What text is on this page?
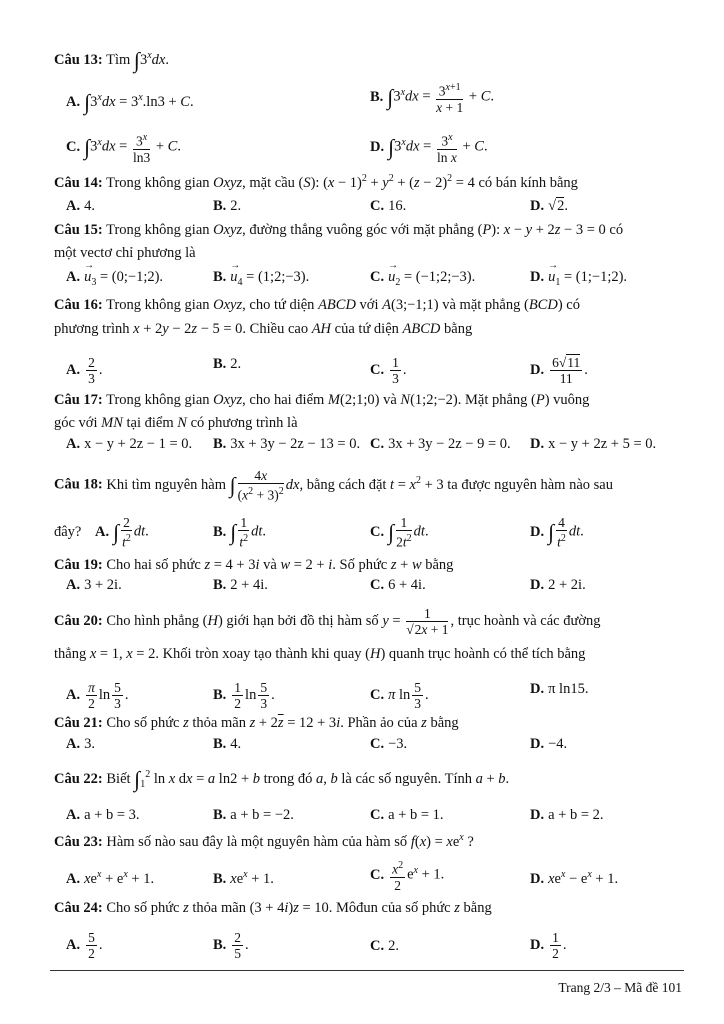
Câu 13: Tìm ∫3$^x$dx.
A. $\int 3^xdx = 3^x.\ln 3 + C$.	B. $\int 3^xdx = \frac{3^{x+1}}{x + 1} + C$.
C. $\int 3^xdx = \frac{3^x}{\ln 3} + C$.	D. $\int 3^xdx = \frac{3^x}{\text{ln x}} + C$.
Câu 14: Trong không gian Oxyz, mặt cầu (S): $(x - 1)^2 + y^2 + (z - 2)^2 = 4$ có bán kính bằng
A. 4.	B. 2.	C. 16.	D. √2.
Câu 15: Trong không gian Oxyz, đường thẳng vuông góc với mặt phẳng (P): x − y + 2z − 3 = 0 có
một vectơ chỉ phương là
A. → $u_3$ = (0;−1;2).	B. → $u_4$ = (1;2;−3).	C. → $u_2$ = (−1;2;−3).	D. → $u_1$ = (1;−1;2).
Câu 16: Trong không gian Oxyz, cho tứ diện ABCD với A(3;−1;1) và mặt phẳng (BCD) có
phương trình x + 2y − 2z − 5 = 0. Chiều cao AH của tứ diện ABCD bằng
A. $\frac{2}{3}$ .	B. 2.	C. $\frac{1}{3}$ .	D. $\frac{6√11}{11}$ .
Câu 17: Trong không gian Oxyz, cho hai điểm M(2;1;0) và N(1;2;−2). Mặt phẳng (P) vuông
góc với MN tại điểm N có phương trình là
A. x − y + 2z − 1 = 0. B. 3x + 3y − 2z − 13 = 0. C. 3x + 3y − 2z − 9 = 0. D. x − y + 2z + 5 = 0.
Câu 18: Khi tìm nguyên hàm ∫ $\frac{4x}{(x^2 + 3)^2}$ dx, bằng cách đặt $t = x^2 + 3$ ta được nguyên hàm nào sau
đây? A. ∫ $\frac{2}{t^2}$ dt.	B. ∫ $\frac{1}{t^2}$ dt.	C. ∫ $\frac{1}{2t^2}$ dt.	D. ∫ $\frac{4}{t^2}$ dt.
Câu 19: Cho hai số phức z = 4 + 3i và w = 2 + i. Số phức z + w bằng
A. 3 + 2i.	B. 2 + 4i.	C. 6 + 4i.	D. 2 + 2i.
Câu 20: Cho hình phẳng (H) giới hạn bởi đồ thị hàm số $y = \frac{1}{√2x + 1}$ , trục hoành và các đường
thẳng x = 1, x = 2. Khối tròn xoay tạo thành khi quay (H) quanh trục hoành có thể tích bằng
A. $\frac{\pi}{2}$ $\ln \frac{5}{3}$ .	B. $\frac{1}{2}$ $\ln \frac{5}{3}$ .	C. π $\ln \frac{5}{3}$ .	D. π ln15.
Câu 21: Cho số phức z thỏa mãn $z + 2\overline{z} = 12 + 3i$. Phần ảo của z bằng
A. 3.	B. 4.	C. −3.	D. −4.
Câu 22: Biết $\int_1^2$ ln x dx = a ln2 + b trong đó a, b là các số nguyên. Tính a + b.
A. a + b = 3.	B. a + b = −2.	C. a + b = 1.	D. a + b = 2.
Câu 23: Hàm số nào sau đây là một nguyên hàm của hàm số $f(x) = xe^x$ ?
A. $xe^x + e^x + 1$.	B. $xe^x + 1$.	C. $\frac{x^2}{2} e^x + 1$.	D. $xe^x - e^x + 1$.
Câu 24: Cho số phức z thỏa mãn (3 + 4i)z = 10. Môđun của số phức z bằng
A. $\frac{5}{2}$ .	B. $\frac{2}{5}$ .	C. 2.	D. $\frac{1}{2}$ .
Trang 2/3 – Mã đề 101
